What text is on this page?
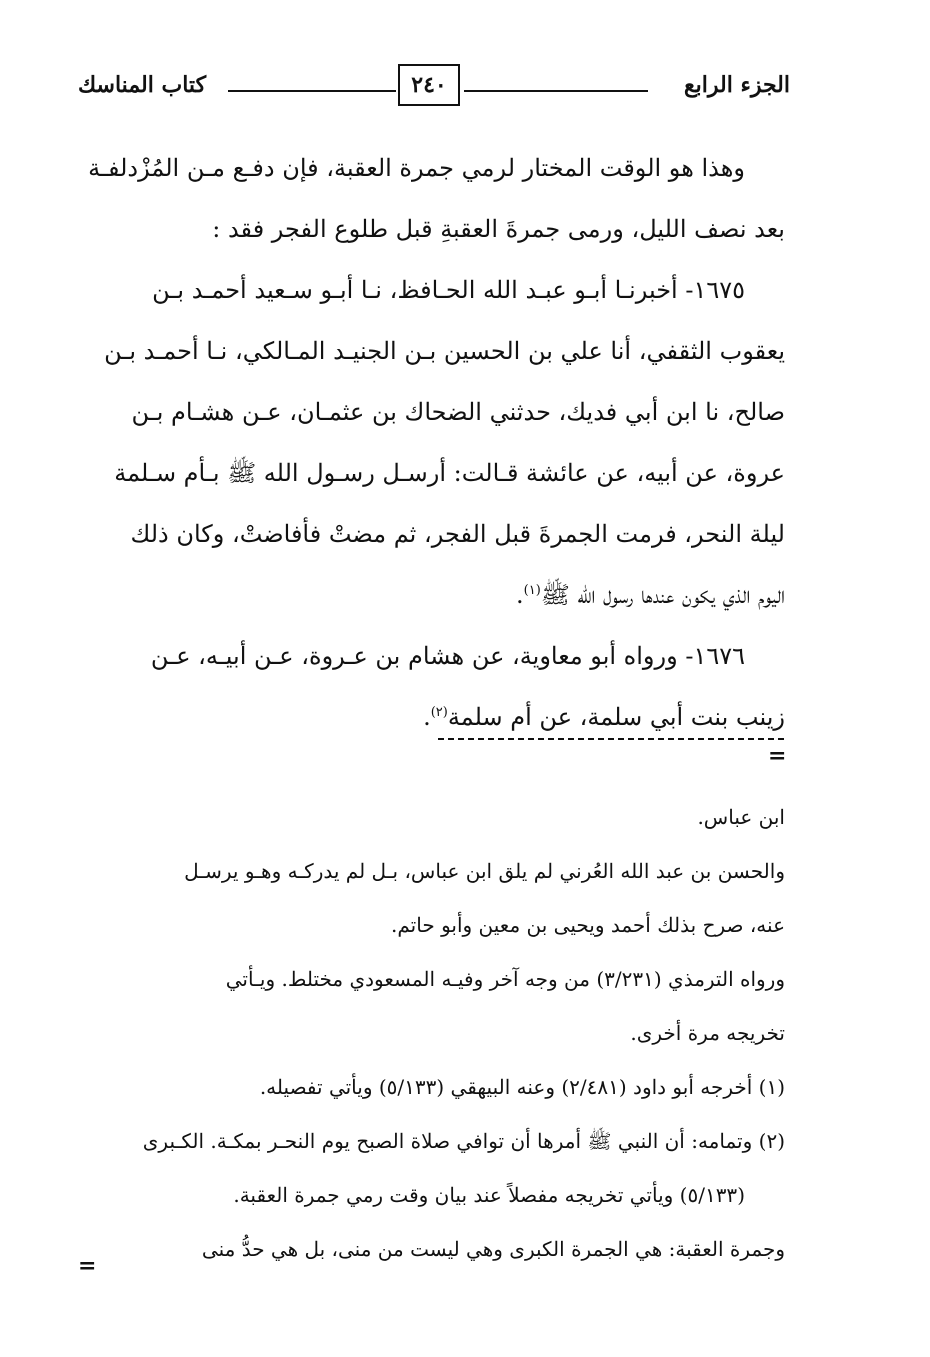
الجزء الرابع
٢٤٠
كتاب المناسك

وهذا هو الوقت المختار لرمي جمرة العقبة، فإن دفـع مـن المُزْدلفـة

بعد نصف الليل، ورمى جمرةَ العقبةِ قبل طلوع الفجر فقد :

١٦٧٥- أخبرنـا أبـو عبـد الله الحـافظ، نـا أبـو سـعيد أحمـد بـن

يعقوب الثقفي، أنا علي بن الحسين بـن الجنيـد المـالكي، نـا أحمـد بـن

صالح، نا ابن أبي فديك، حدثني الضحاك بن عثمـان، عـن هشـام بـن

عروة، عن أبيه، عن عائشة قـالت: أرسـل رسـول الله ﷺ بـأم سـلمة

ليلة النحر، فرمت الجمرةَ قبل الفجر، ثم مضتْ فأفاضتْ، وكان ذلك

اليوم الذي يكون عندها رسول الله ﷺ$^{(١)}$.

١٦٧٦- ورواه أبو معاوية، عن هشام بن عـروة، عـن أبيـه، عـن

زينب بنت أبي سلمة، عن أم سلمة$^{(٢)}$.

=

ابن عباس.

والحسن بن عبد الله العُرني لم يلق ابن عباس، بـل لم يدركـه وهـو يرسـل

عنه، صرح بذلك أحمد ويحيى بن معين وأبو حاتم.

ورواه الترمذي (٣/٢٣١) من وجه آخر وفيـه المسعودي مختلط. ويـأتي

تخريجه مرة أخرى.

(١) أخرجه أبو داود (٢/٤٨١) وعنه البيهقي (٥/١٣٣) ويأتي تفصيله.

(٢) وتمامه: أن النبي ﷺ أمرها أن توافي صلاة الصبح يوم النحـر بمكـة. الكـبرى

(٥/١٣٣) ويأتي تخريجه مفصلاً عند بيان وقت رمي جمرة العقبة.

وجمرة العقبة: هي الجمرة الكبرى وهي ليست من منى، بل هي حدُّ منى

=
